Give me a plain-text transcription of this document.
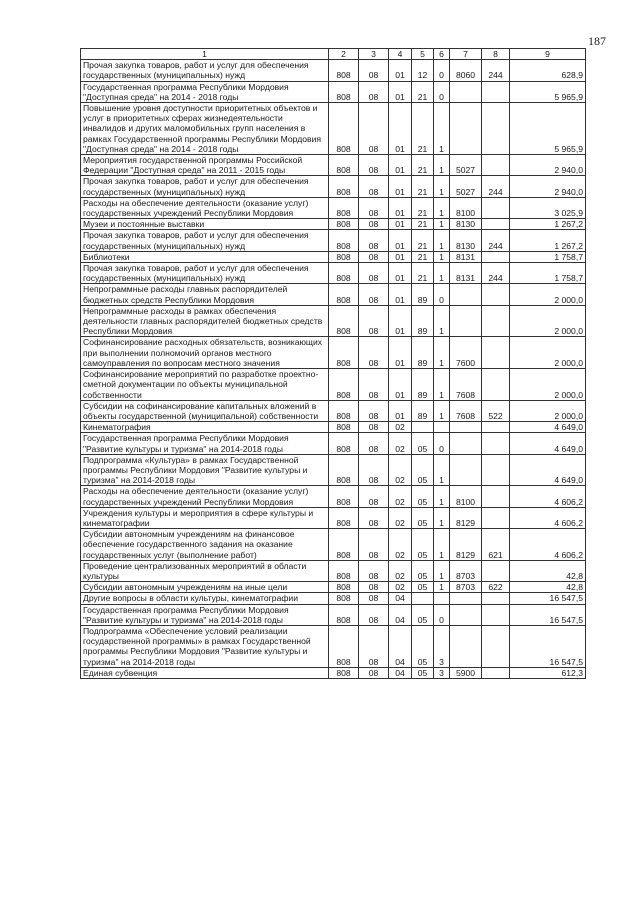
187
1	2	3	4	5	6	7	8	9
Прочая закупка товаров, работ и услуг для обеспечения государственных (муниципальных) нужд	808	08	01	12	0	8060	244	628,9
Государственная программа Республики Мордовия "Доступная среда" на 2014 - 2018 годы	808	08	01	21	0			5 965,9
Повышение уровня доступности приоритетных объектов и услуг в приоритетных сферах жизнедеятельности инвалидов и других маломобильных групп населения в рамках Государственной программы Республики Мордовия "Доступная среда" на 2014 - 2018 годы	808	08	01	21	1			5 965,9
Мероприятия государственной программы Российской Федерации "Доступная среда" на 2011 - 2015 годы	808	08	01	21	1	5027		2 940,0
Прочая закупка товаров, работ и услуг для обеспечения государственных (муниципальных) нужд	808	08	01	21	1	5027	244	2 940,0
Расходы на обеспечение деятельности (оказание услуг) государственных учреждений Республики Мордовия	808	08	01	21	1	8100		3 025,9
Музеи и постоянные выставки	808	08	01	21	1	8130		1 267,2
Прочая закупка товаров, работ и услуг для обеспечения государственных (муниципальных) нужд	808	08	01	21	1	8130	244	1 267,2
Библиотеки	808	08	01	21	1	8131		1 758,7
Прочая закупка товаров, работ и услуг для обеспечения государственных (муниципальных) нужд	808	08	01	21	1	8131	244	1 758,7
Непрограммные расходы главных распорядителей бюджетных средств Республики Мордовия	808	08	01	89	0			2 000,0
Непрограммные расходы в рамках обеспечения деятельности главных распорядителей бюджетных средств Республики Мордовия	808	08	01	89	1			2 000,0
Софинансирование расходных обязательств, возникающих при выполнении полномочий органов местного самоуправления по вопросам местного значения	808	08	01	89	1	7600		2 000,0
Софинансирование мероприятий по разработке проектно-сметной документации по объекты муниципальной собственности	808	08	01	89	1	7608		2 000,0
Субсидии на софинансирование капитальных вложений в объекты государственной (муниципальной) собственности	808	08	01	89	1	7608	522	2 000,0
Кинематография	808	08	02					4 649,0
Государственная программа Республики Мордовия "Развитие культуры и туризма" на 2014-2018 годы	808	08	02	05	0			4 649,0
Подпрограмма «Культура» в рамках Государственной программы Республики Мордовия "Развитие культуры и туризма" на 2014-2018 годы	808	08	02	05	1			4 649,0
Расходы на обеспечение деятельности (оказание услуг) государственных учреждений Республики Мордовия	808	08	02	05	1	8100		4 606,2
Учреждения культуры и мероприятия в сфере культуры и кинематографии	808	08	02	05	1	8129		4 606,2
Субсидии автономным учреждениям на финансовое обеспечение государственного задания на оказание государственных услуг (выполнение работ)	808	08	02	05	1	8129	621	4 606,2
Проведение централизованных мероприятий в области культуры	808	08	02	05	1	8703		42,8
Субсидии автономным учреждениям на иные цели	808	08	02	05	1	8703	622	42,8
Другие вопросы в области культуры, кинематографии	808	08	04					16 547,5
Государственная программа Республики Мордовия "Развитие культуры и туризма" на 2014-2018 годы	808	08	04	05	0			16 547,5
Подпрограмма «Обеспечение условий реализации государственной программы» в рамках Государственной программы Республики Мордовия "Развитие культуры и туризма" на 2014-2018 годы	808	08	04	05	3			16 547,5
Единая субвенция	808	08	04	05	3	5900		612,3
